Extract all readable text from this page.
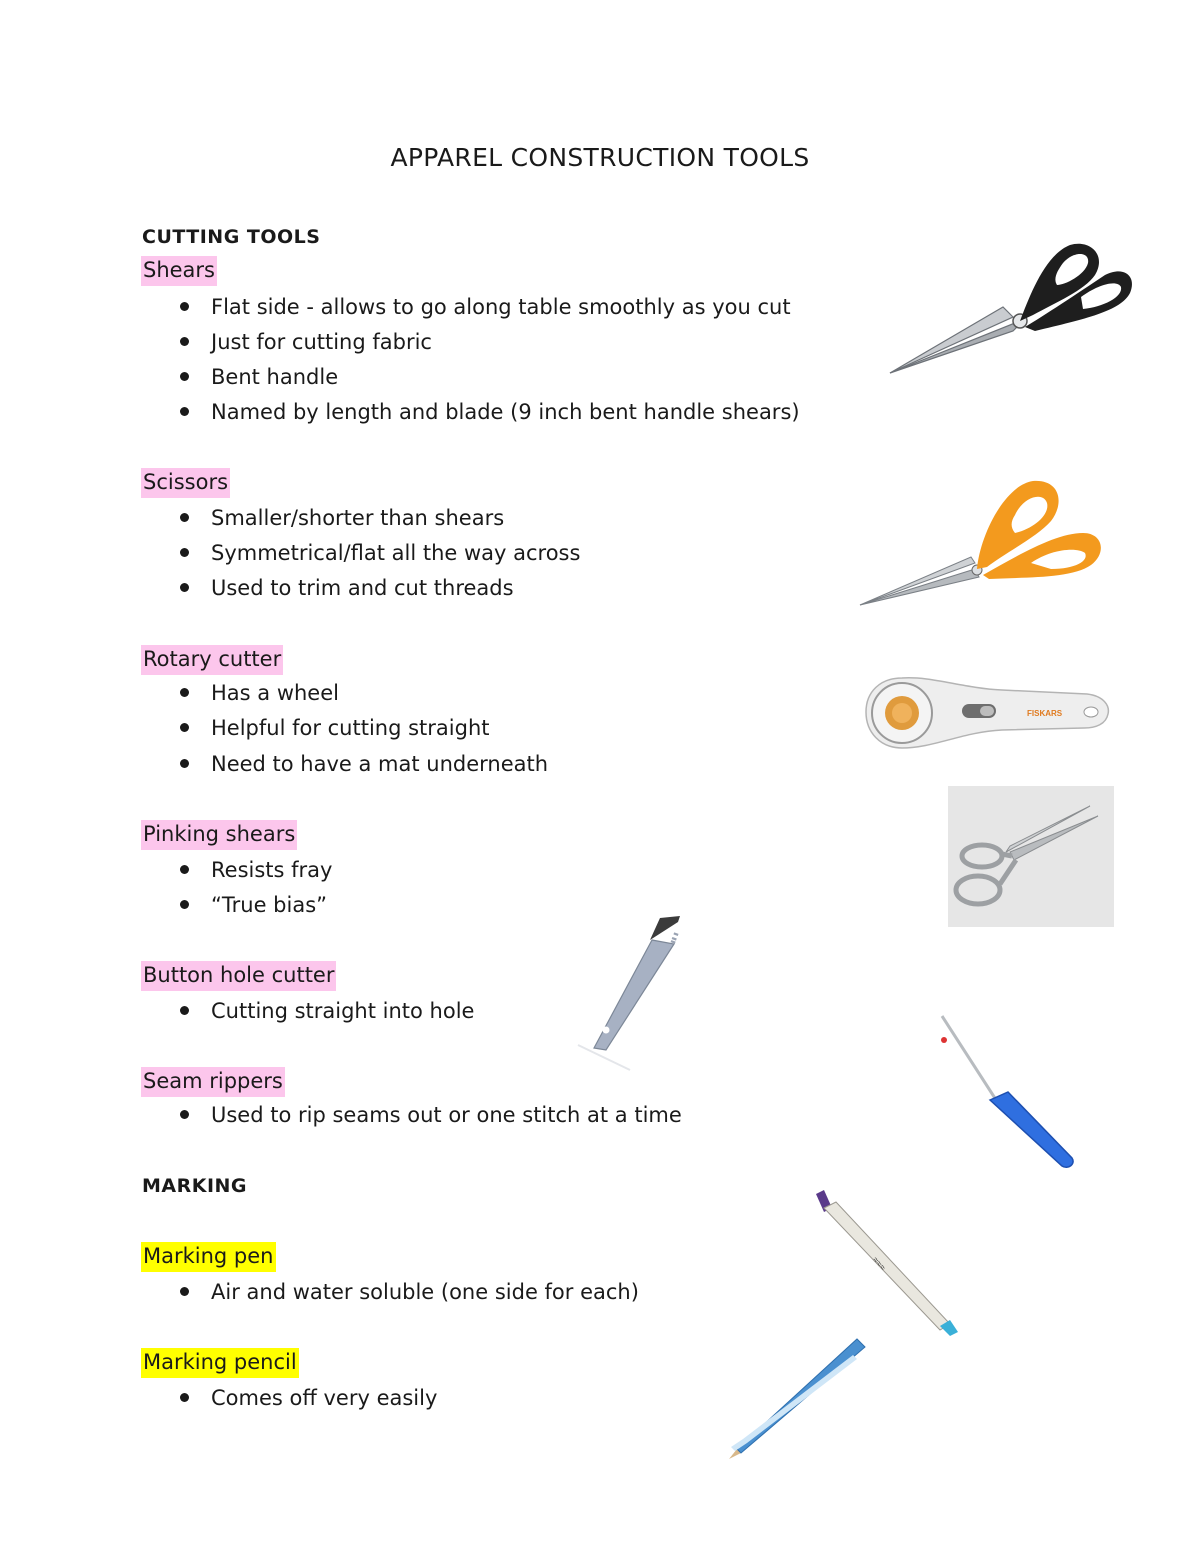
APPAREL CONSTRUCTION TOOLS
CUTTING TOOLS
Shears
Flat side - allows to go along table smoothly as you cut
Just for cutting fabric
Bent handle
Named by length and blade (9 inch bent handle shears)
Scissors
Smaller/shorter than shears
Symmetrical/flat all the way across
Used to trim and cut threads
Rotary cutter
Has a wheel
Helpful for cutting straight
Need to have a mat underneath
Pinking shears
Resists fray
“True bias”
Button hole cutter
Cutting straight into hole
Seam rippers
Used to rip seams out or one stitch at a time
MARKING
Marking pen
Air and water soluble (one side for each)
Marking pencil
Comes off very easily
FISKARS
▮▮ ▮
≈≈≈
